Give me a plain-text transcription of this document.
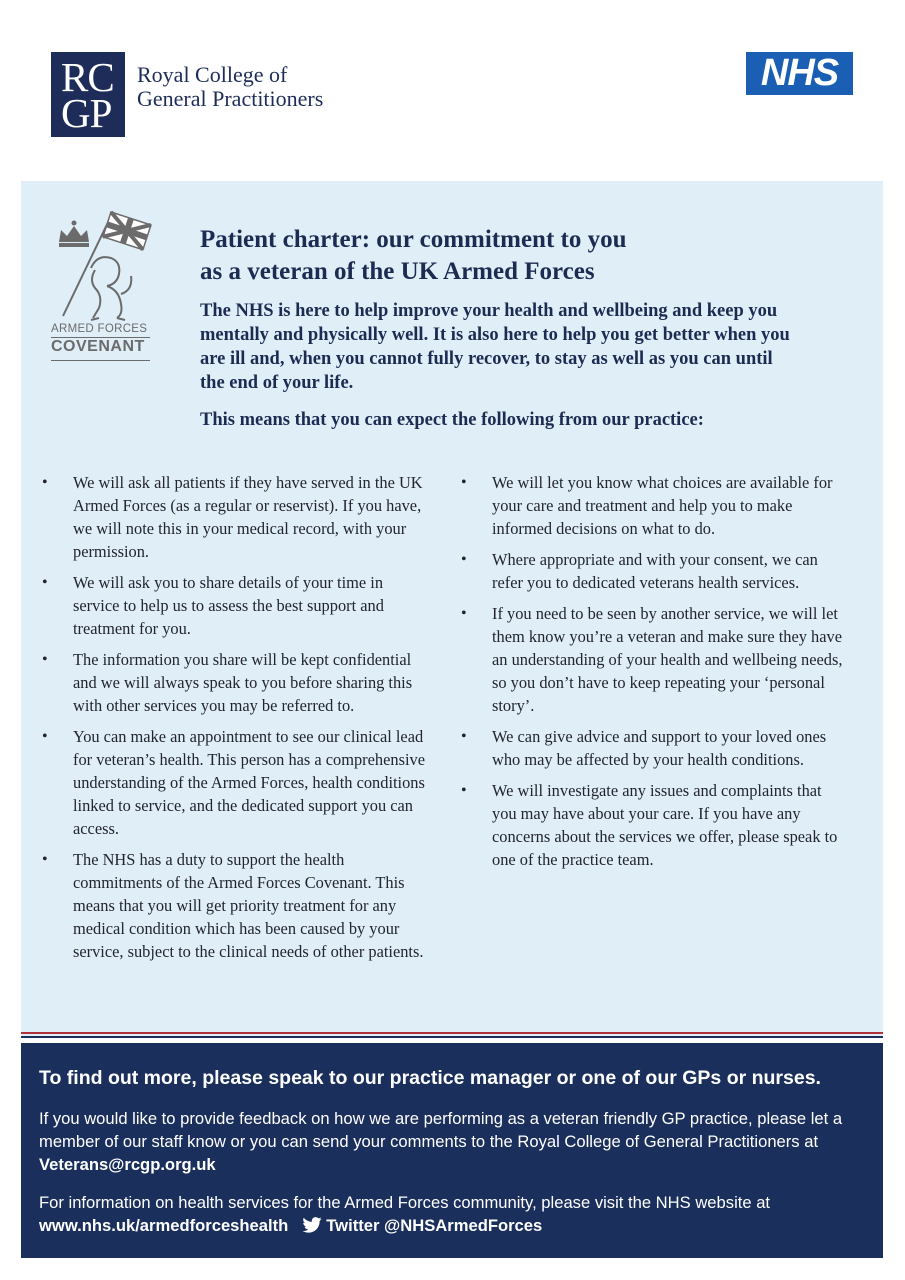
RC
GP
Royal College of
General Practitioners
NHS
ARMED FORCES
COVENANT
Patient charter: our commitment to you
as a veteran of the UK Armed Forces
The NHS is here to help improve your health and wellbeing and keep you mentally and physically well. It is also here to help you get better when you are ill and, when you cannot fully recover, to stay as well as you can until the end of your life.
This means that you can expect the following from our practice:
• We will ask all patients if they have served in the UK Armed Forces (as a regular or reservist). If you have, we will note this in your medical record, with your permission.
• We will ask you to share details of your time in service to help us to assess the best support and treatment for you.
• The information you share will be kept confidential and we will always speak to you before sharing this with other services you may be referred to.
• You can make an appointment to see our clinical lead for veteran’s health. This person has a comprehensive understanding of the Armed Forces, health conditions linked to service, and the dedicated support you can access.
• The NHS has a duty to support the health commitments of the Armed Forces Covenant. This means that you will get priority treatment for any medical condition which has been caused by your service, subject to the clinical needs of other patients.
• We will let you know what choices are available for your care and treatment and help you to make informed decisions on what to do.
• Where appropriate and with your consent, we can refer you to dedicated veterans health services.
• If you need to be seen by another service, we will let them know you’re a veteran and make sure they have an understanding of your health and wellbeing needs, so you don’t have to keep repeating your ‘personal story’.
• We can give advice and support to your loved ones who may be affected by your health conditions.
• We will investigate any issues and complaints that you may have about your care. If you have any concerns about the services we offer, please speak to one of the practice team.
To find out more, please speak to our practice manager or one of our GPs or nurses.
If you would like to provide feedback on how we are performing as a veteran friendly GP practice, please let a member of our staff know or you can send your comments to the Royal College of General Practitioners at Veterans@rcgp.org.uk
For information on health services for the Armed Forces community, please visit the NHS website at www.nhs.uk/armedforceshealth Twitter @NHSArmedForces
